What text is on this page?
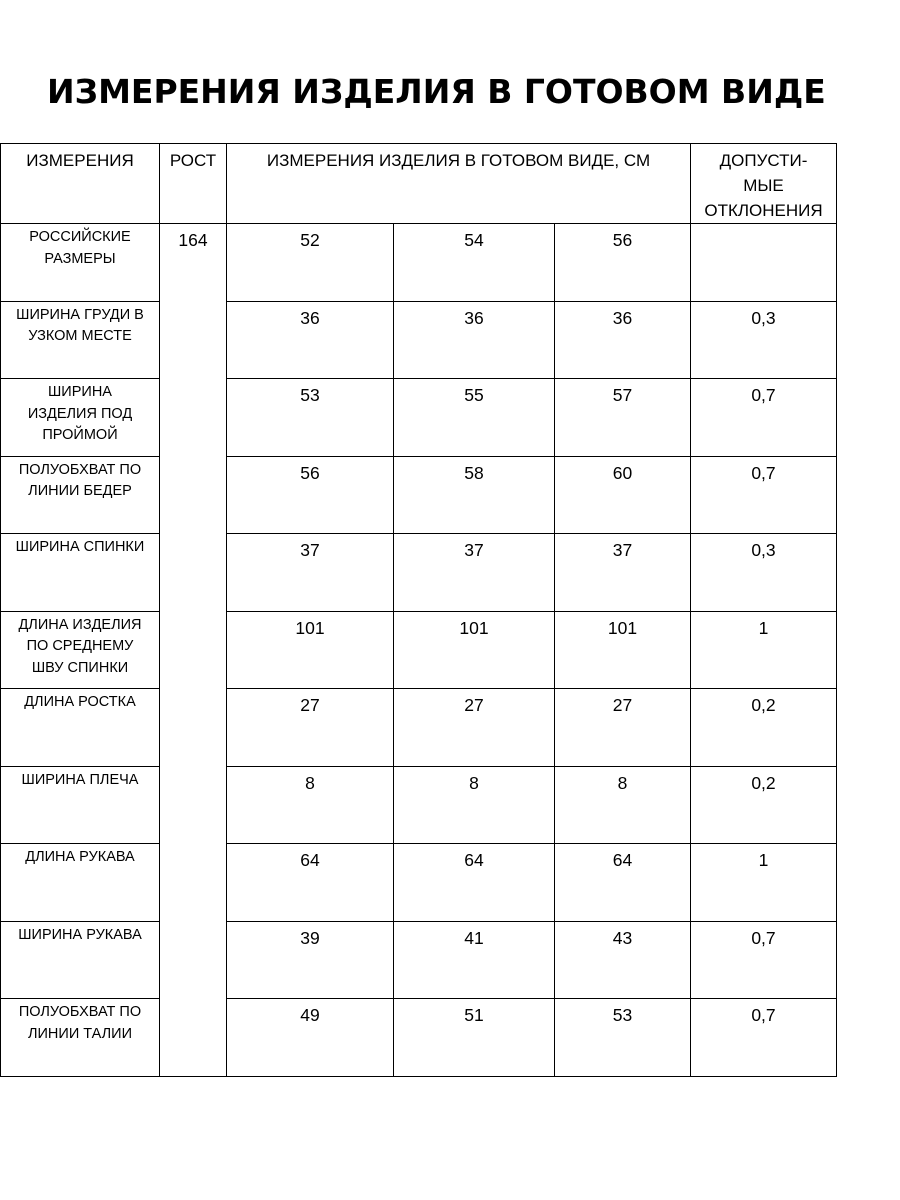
ИЗМЕРЕНИЯ ИЗДЕЛИЯ В ГОТОВОМ ВИДЕ
ИЗМЕРЕНИЯ	РОСТ	ИЗМЕРЕНИЯ ИЗДЕЛИЯ В ГОТОВОМ ВИДЕ, СМ			ДОПУСТИ-
МЫЕ
ОТКЛОНЕНИЯ
РОССИЙСКИЕ
РАЗМЕРЫ	164	52	54	56	
ШИРИНА ГРУДИ В
УЗКОМ МЕСТЕ		36	36	36	0,3
ШИРИНА
ИЗДЕЛИЯ ПОД
ПРОЙМОЙ		53	55	57	0,7
ПОЛУОБХВАТ ПО
ЛИНИИ БЕДЕР		56	58	60	0,7
ШИРИНА СПИНКИ		37	37	37	0,3
ДЛИНА ИЗДЕЛИЯ
ПО СРЕДНЕМУ
ШВУ СПИНКИ		101	101	101	1
ДЛИНА РОСТКА		27	27	27	0,2
ШИРИНА ПЛЕЧА		8	8	8	0,2
ДЛИНА РУКАВА		64	64	64	1
ШИРИНА РУКАВА		39	41	43	0,7
ПОЛУОБХВАТ ПО
ЛИНИИ ТАЛИИ		49	51	53	0,7
